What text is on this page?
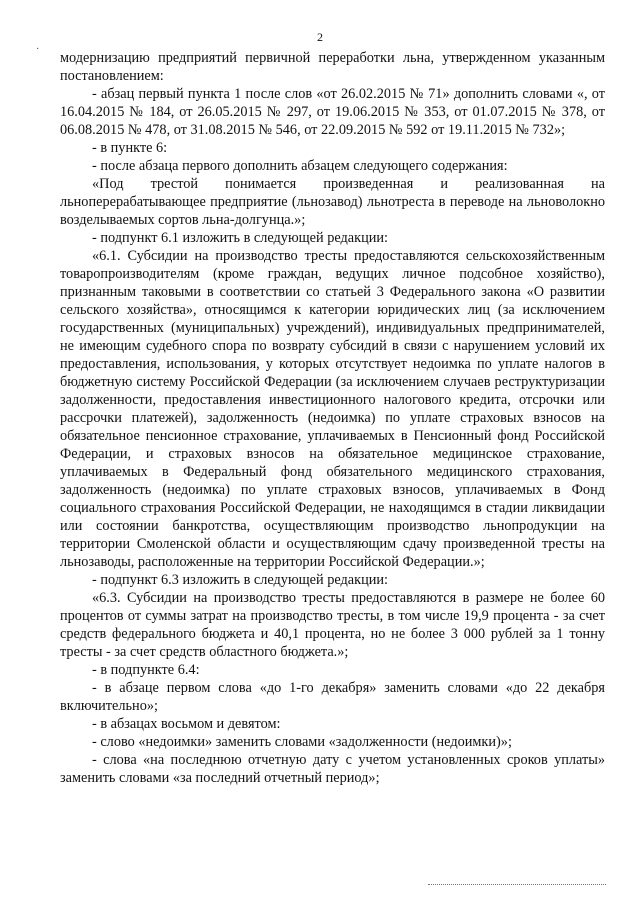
2
·

модернизацию предприятий первичной переработки льна, утвержденном указанным постановлением:

- абзац первый пункта 1 после слов «от 26.02.2015 № 71» дополнить словами «, от 16.04.2015 № 184, от 26.05.2015 № 297, от 19.06.2015 № 353, от 01.07.2015 № 378, от 06.08.2015 № 478, от 31.08.2015 № 546, от 22.09.2015 № 592 от 19.11.2015 № 732»;

- в пункте 6:

- после абзаца первого дополнить абзацем следующего содержания:

«Под трестой понимается произведенная и реализованная на льноперерабатывающее предприятие (льнозавод) льнотреста в переводе на льноволокно возделываемых сортов льна-долгунца.»;

- подпункт 6.1 изложить в следующей редакции:

«6.1. Субсидии на производство тресты предоставляются сельскохозяйственным товаропроизводителям (кроме граждан, ведущих личное подсобное хозяйство), признанным таковыми в соответствии со статьей 3 Федерального закона «О развитии сельского хозяйства», относящимся к категории юридических лиц (за исключением государственных (муниципальных) учреждений), индивидуальных предпринимателей, не имеющим судебного спора по возврату субсидий в связи с нарушением условий их предоставления, использования, у которых отсутствует недоимка по уплате налогов в бюджетную систему Российской Федерации (за исключением случаев реструктуризации задолженности, предоставления инвестиционного налогового кредита, отсрочки или рассрочки платежей), задолженность (недоимка) по уплате страховых взносов на обязательное пенсионное страхование, уплачиваемых в Пенсионный фонд Российской Федерации, и страховых взносов на обязательное медицинское страхование, уплачиваемых в Федеральный фонд обязательного медицинского страхования, задолженность (недоимка) по уплате страховых взносов, уплачиваемых в Фонд социального страхования Российской Федерации, не находящимся в стадии ликвидации или состоянии банкротства, осуществляющим производство льнопродукции на территории Смоленской области и осуществляющим сдачу произведенной тресты на льнозаводы, расположенные на территории Российской Федерации.»;

- подпункт 6.3 изложить в следующей редакции:

«6.3. Субсидии на производство тресты предоставляются в размере не более 60 процентов от суммы затрат на производство тресты, в том числе 19,9 процента - за счет средств федерального бюджета и 40,1 процента, но не более 3 000 рублей за 1 тонну тресты - за счет средств областного бюджета.»;

- в подпункте 6.4:

- в абзаце первом слова «до 1-го декабря» заменить словами «до 22 декабря включительно»;

- в абзацах восьмом и девятом:

- слово «недоимки» заменить словами «задолженности (недоимки)»;

- слова «на последнюю отчетную дату с учетом установленных сроков уплаты» заменить словами «за последний отчетный период»;
